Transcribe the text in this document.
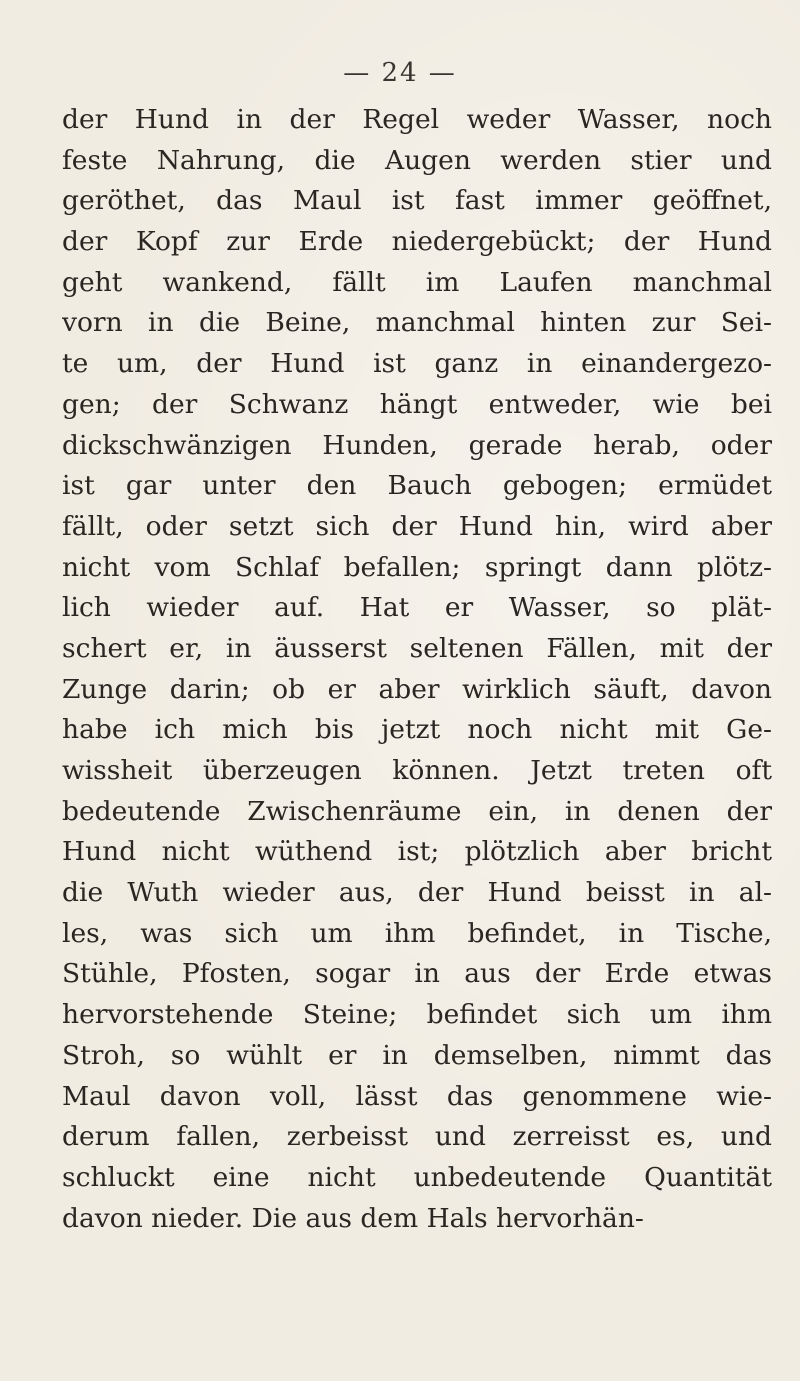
— 24 —
der Hund in der Regel weder Wasser, noch
feste Nahrung, die Augen werden stier und
geröthet, das Maul ist fast immer geöffnet,
der Kopf zur Erde niedergebückt; der Hund
geht wankend, fällt im Laufen manchmal
vorn in die Beine, manchmal hinten zur Sei-
te um, der Hund ist ganz in einandergezo-
gen; der Schwanz hängt entweder, wie bei
dickschwänzigen Hunden, gerade herab, oder
ist gar unter den Bauch gebogen; ermüdet
fällt, oder setzt sich der Hund hin, wird aber
nicht vom Schlaf befallen; springt dann plötz-
lich wieder auf. Hat er Wasser, so plät-
schert er, in äusserst seltenen Fällen, mit der
Zunge darin; ob er aber wirklich säuft, davon
habe ich mich bis jetzt noch nicht mit Ge-
wissheit überzeugen können. Jetzt treten oft
bedeutende Zwischenräume ein, in denen der
Hund nicht wüthend ist; plötzlich aber bricht
die Wuth wieder aus, der Hund beisst in al-
les, was sich um ihm befindet, in Tische,
Stühle, Pfosten, sogar in aus der Erde etwas
hervorstehende Steine; befindet sich um ihm
Stroh, so wühlt er in demselben, nimmt das
Maul davon voll, lässt das genommene wie-
derum fallen, zerbeisst und zerreisst es, und
schluckt eine nicht unbedeutende Quantität
davon nieder. Die aus dem Hals hervorhän-
